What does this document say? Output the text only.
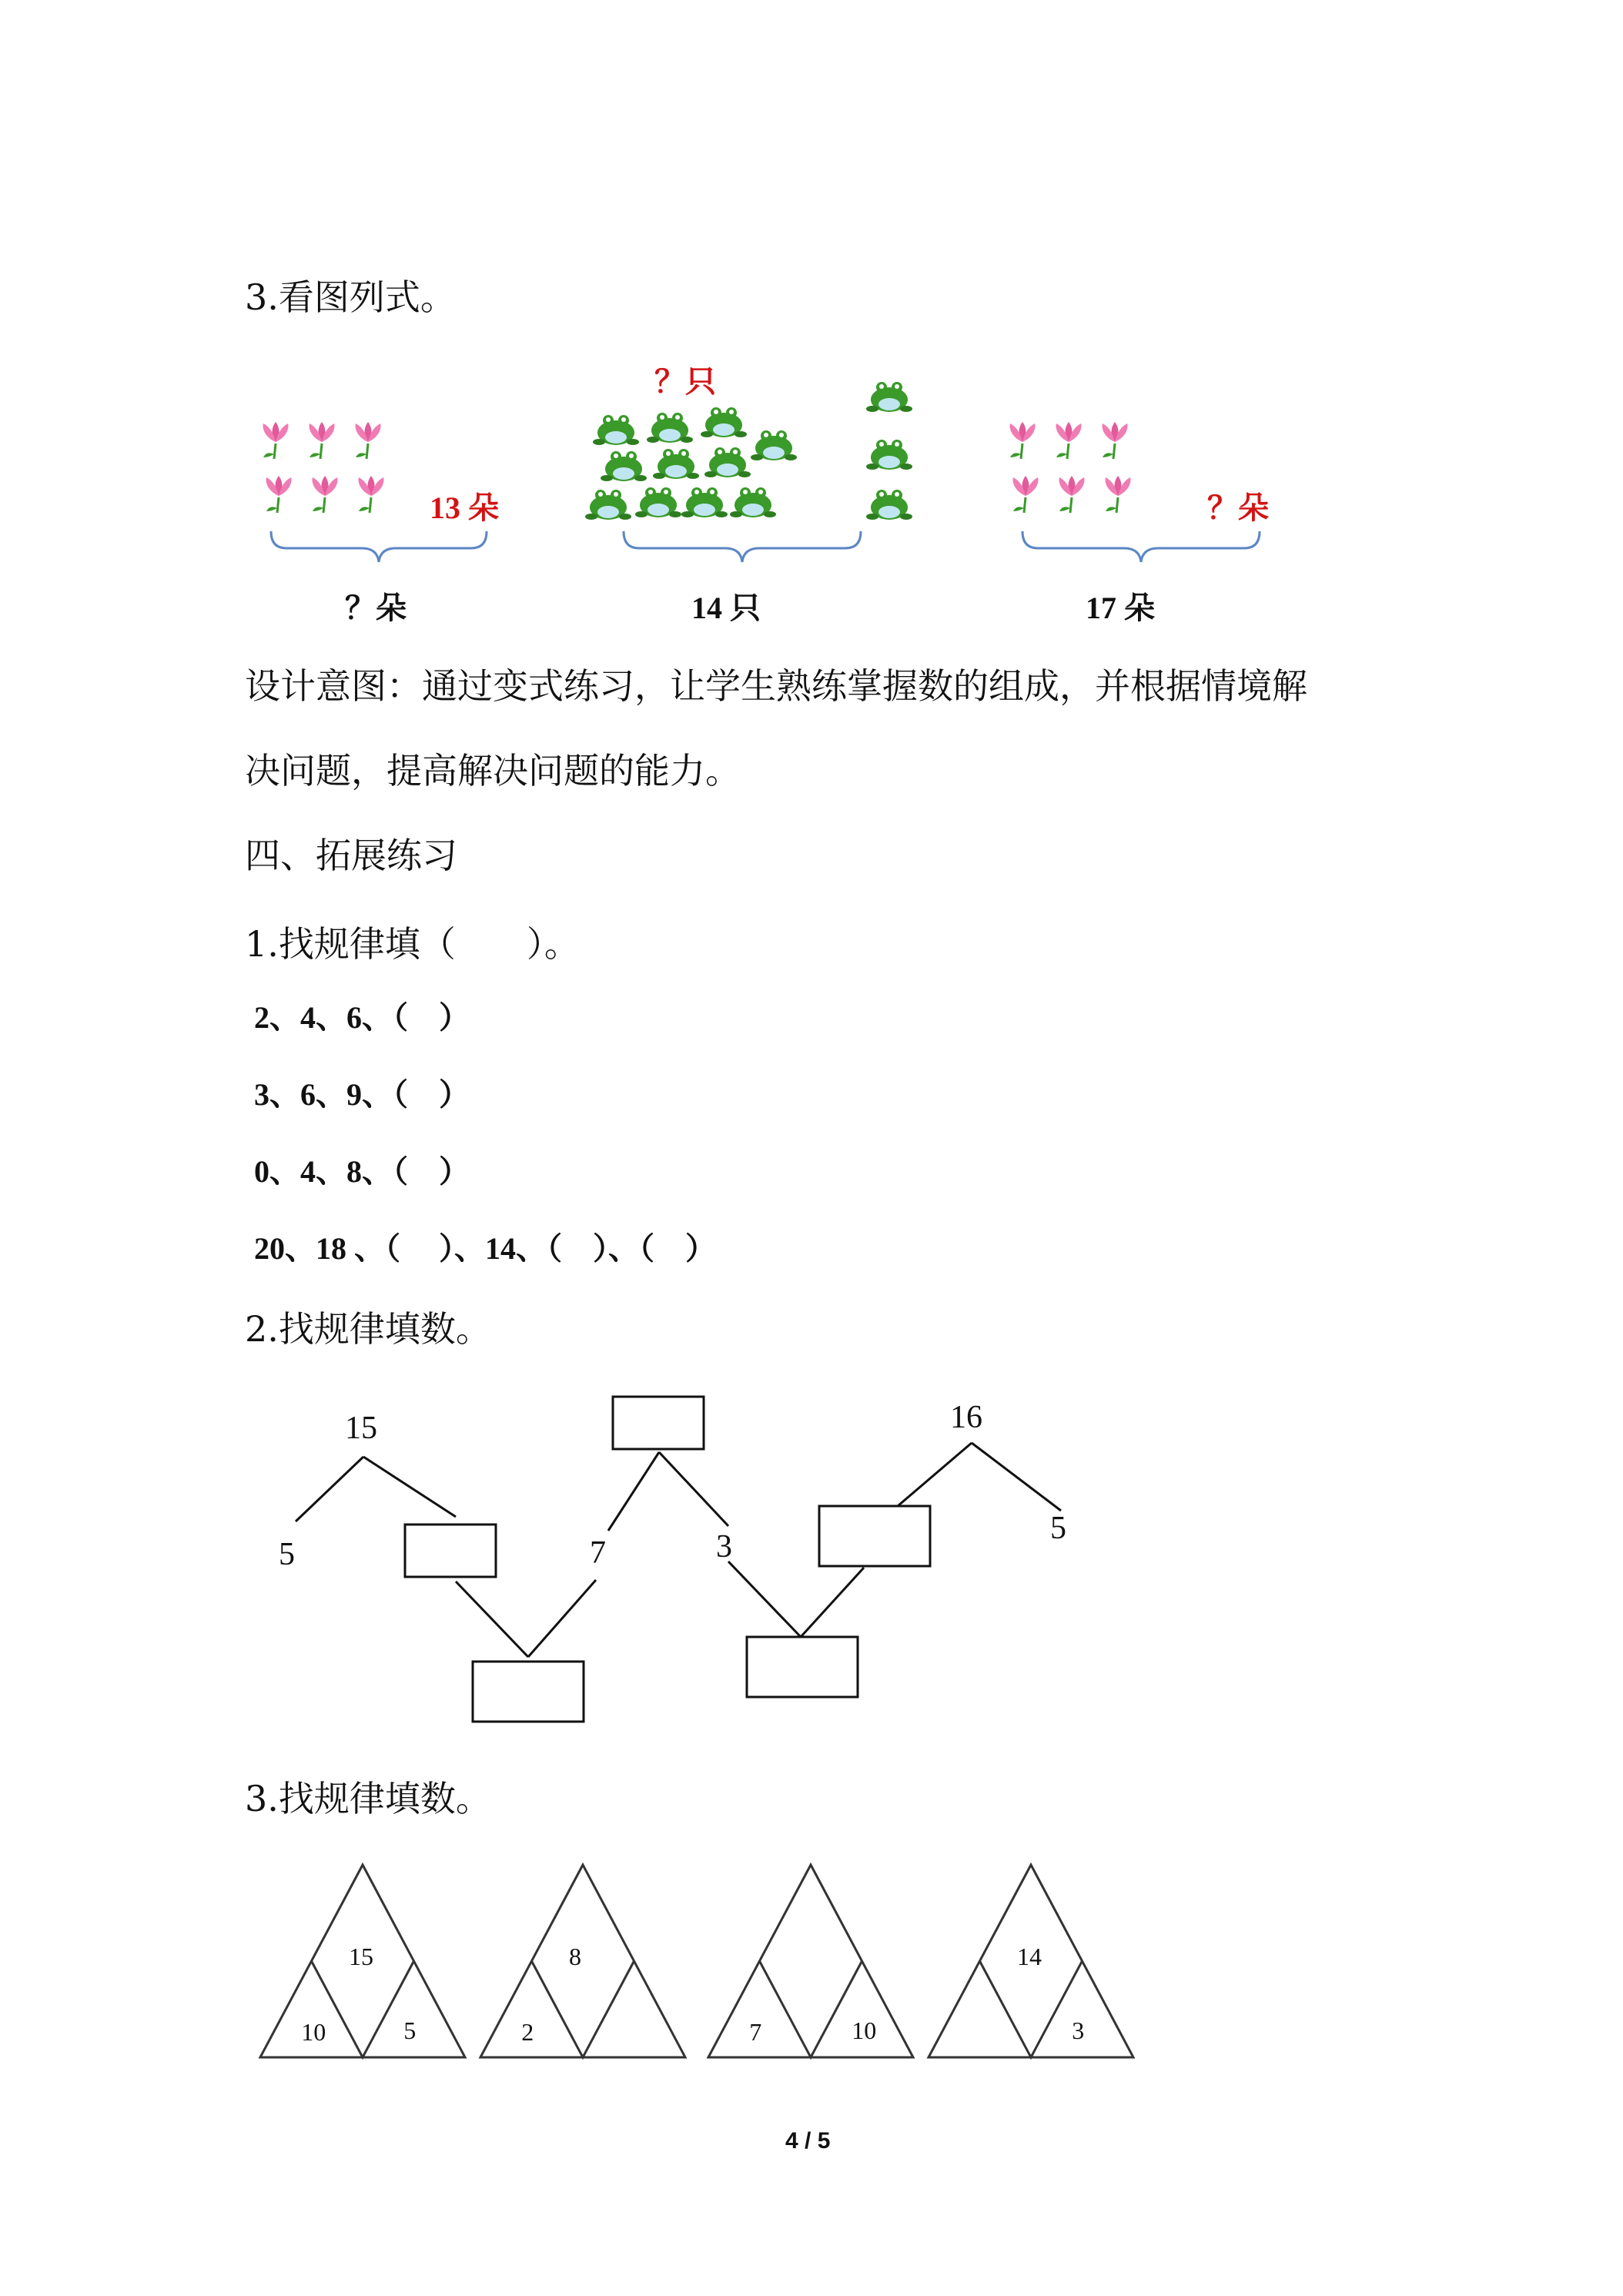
3.看图列式。
13 朵
？朵
？只
14 只
？朵
17 朵
设计意图：通过变式练习，让学生熟练掌握数的组成，并根据情境解
决问题，提高解决问题的能力。
四、拓展练习
1.找规律填（　　）。
2、4、6、（　）
3、6、9、（　）
0、4、8、（　）
20、18 、（　 ）、14、（　）、（　）
2.找规律填数。
15
5	7	3
16
5
3.找规律填数。
15
10	5
8
2	7	10
14
3
4 / 5
